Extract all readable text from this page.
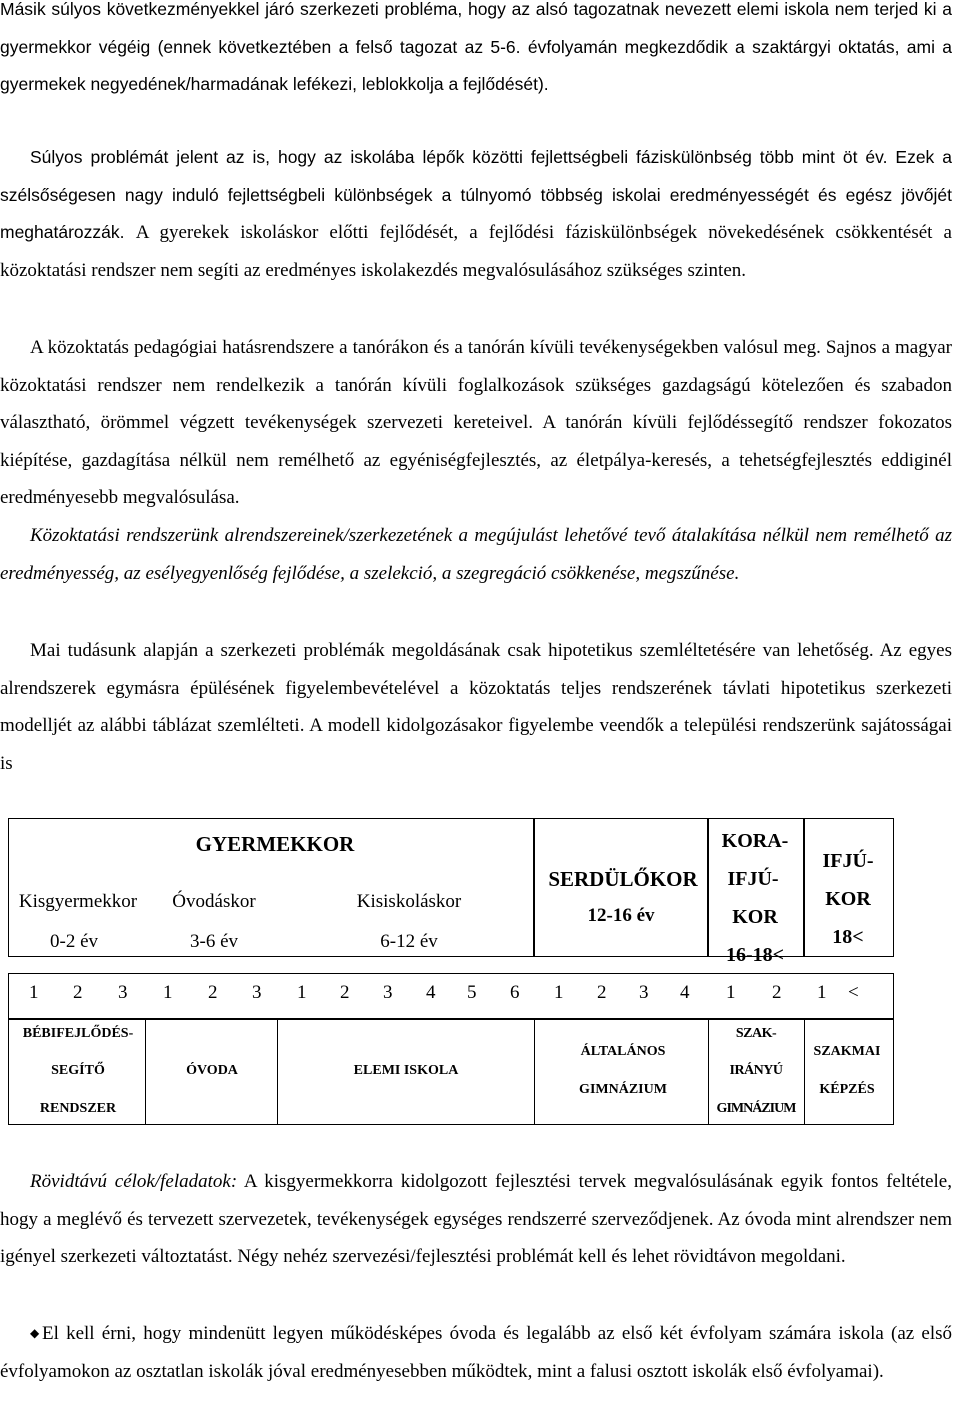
Másik súlyos következményekkel járó szerkezeti probléma, hogy az alsó tagozatnak nevezett elemi iskola nem terjed ki a gyermekkor végéig (ennek következtében a felső tagozat az 5-6. évfolyamán megkezdődik a szaktárgyi oktatás, ami a gyermekek negyedének/harmadának lefékezi, leblokkolja a fejlődését).

Súlyos problémát jelent az is, hogy az iskolába lépők közötti fejlettségbeli fáziskülönbség több mint öt év. Ezek a szélsőségesen nagy induló fejlettségbeli különbségek a túlnyomó többség iskolai eredményességét és egész jövőjét meghatározzák. A gyerekek iskoláskor előtti fejlődését, a fejlődési fáziskülönbségek növekedésének csökkentését a közoktatási rendszer nem segíti az eredményes iskolakezdés megvalósulásához szükséges szinten.

A közoktatás pedagógiai hatásrendszere a tanórákon és a tanórán kívüli tevékenységekben valósul meg. Sajnos a magyar közoktatási rendszer nem rendelkezik a tanórán kívüli foglalkozások szükséges gazdagságú kötelezően és szabadon választható, örömmel végzett tevékenységek szervezeti kereteivel. A tanórán kívüli fejlődéssegítő rendszer fokozatos kiépítése, gazdagítása nélkül nem remélhető az egyéniségfejlesztés, az életpálya-keresés, a tehetségfejlesztés eddiginél eredményesebb megvalósulása.

Közoktatási rendszerünk alrendszereinek/szerkezetének a megújulást lehetővé tevő átalakítása nélkül nem remélhető az eredményesség, az esélyegyenlőség fejlődése, a szelekció, a szegregáció csökkenése, megszűnése.

Mai tudásunk alapján a szerkezeti problémák megoldásának csak hipotetikus szemléltetésére van lehetőség. Az egyes alrendszerek egymásra épülésének figyelembevételével a közoktatás teljes rendszerének távlati hipotetikus szerkezeti modelljét az alábbi táblázat szemlélteti. A modell kidolgozásakor figyelembe veendők a települési rendszerünk sajátosságai is

GYERMEKKOR
Kisgyermekkor
0-2 év
Óvodáskor
3-6 év
Kisiskoláskor
6-12 év
SERDÜLŐKOR
12-16 év
KORA-
IFJÚ-
KOR
16-18<
IFJÚ-
KOR
18<
1 2 3 1 2 3 1 2 3 4 5 6 1 2 3 4 1 2 1 <
BÉBIFEJLŐDÉS-
SEGÍTŐ
RENDSZER
ÓVODA	ELEMI ISKOLA
ÁLTALÁNOS
GIMNÁZIUM
SZAK-
IRÁNYÚ
GIMNÁZIUM
SZAKMAI
KÉPZÉS

Rövidtávú célok/feladatok: A kisgyermekkorra kidolgozott fejlesztési tervek megvalósulásának egyik fontos feltétele, hogy a meglévő és tervezett szervezetek, tevékenységek egységes rendszerré szerveződjenek. Az óvoda mint alrendszer nem igényel szerkezeti változtatást. Négy nehéz szervezési/fejlesztési problémát kell és lehet rövidtávon megoldani.

◆ El kell érni, hogy mindenütt legyen működésképes óvoda és legalább az első két évfolyam számára iskola (az első évfolyamokon az osztatlan iskolák jóval eredményesebben működtek, mint a falusi osztott iskolák első évfolyamai).
